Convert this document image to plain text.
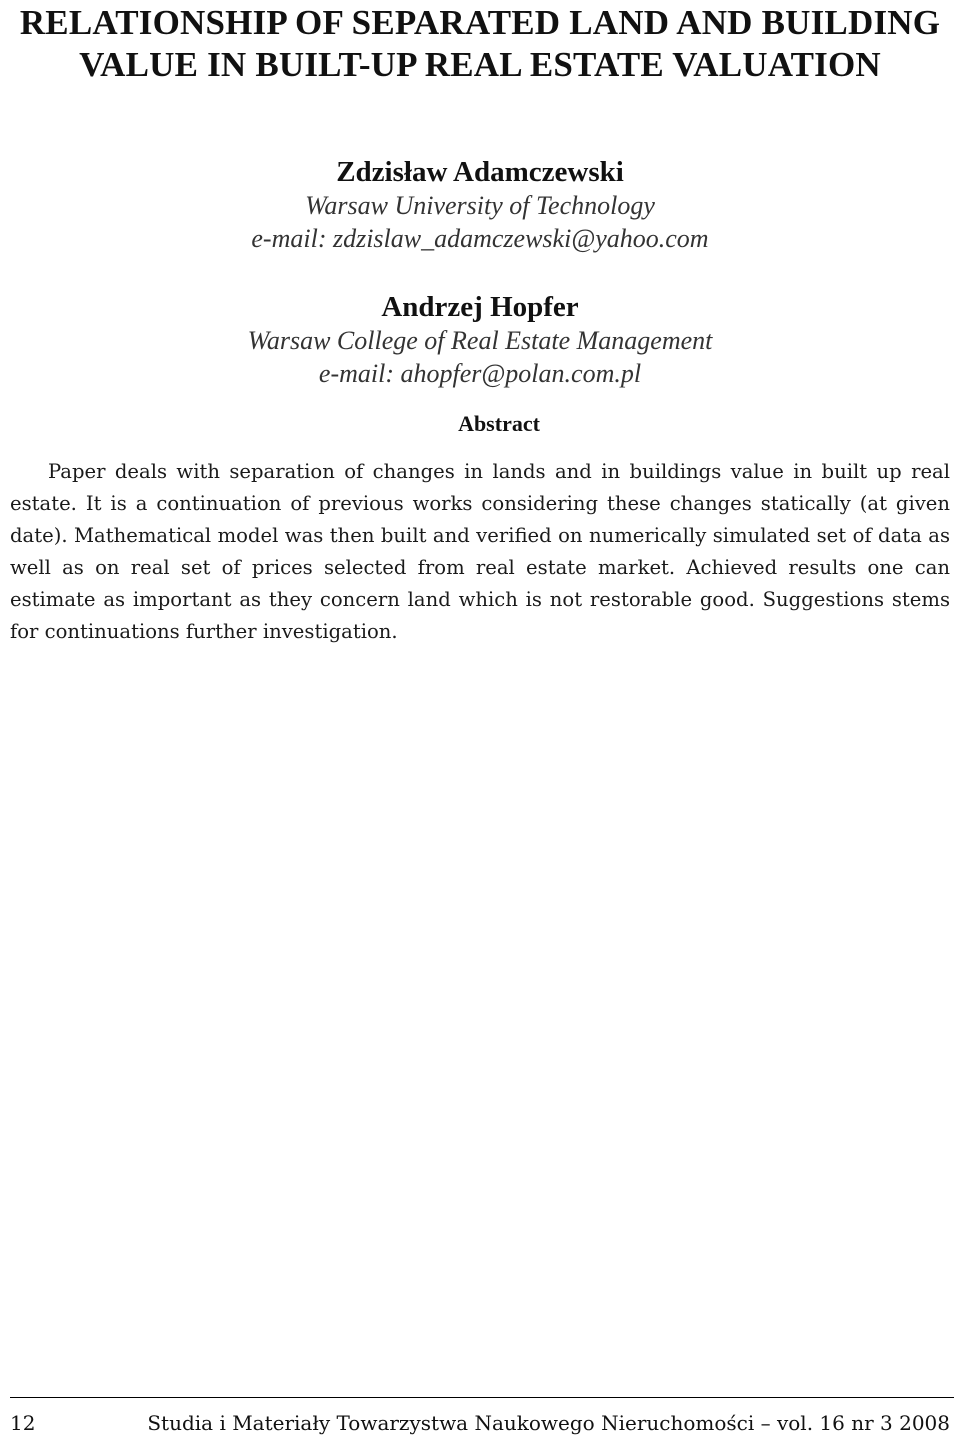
RELATIONSHIP OF SEPARATED LAND AND BUILDING VALUE IN BUILT-UP REAL ESTATE VALUATION
Zdzisław Adamczewski
Warsaw University of Technology
e-mail: zdzislaw_adamczewski@yahoo.com
Andrzej Hopfer
Warsaw College of Real Estate Management
e-mail: ahopfer@polan.com.pl
Abstract

Paper deals with separation of changes in lands and in buildings value in built up real estate. It is a continuation of previous works considering these changes statically (at given date). Mathematical model was then built and verified on numerically simulated set of data as well as on real set of prices selected from real estate market. Achieved results one can estimate as important as they concern land which is not restorable good. Suggestions stems for continuations further investigation.

12	Studia i Materiały Towarzystwa Naukowego Nieruchomości – vol. 16 nr 3 2008
